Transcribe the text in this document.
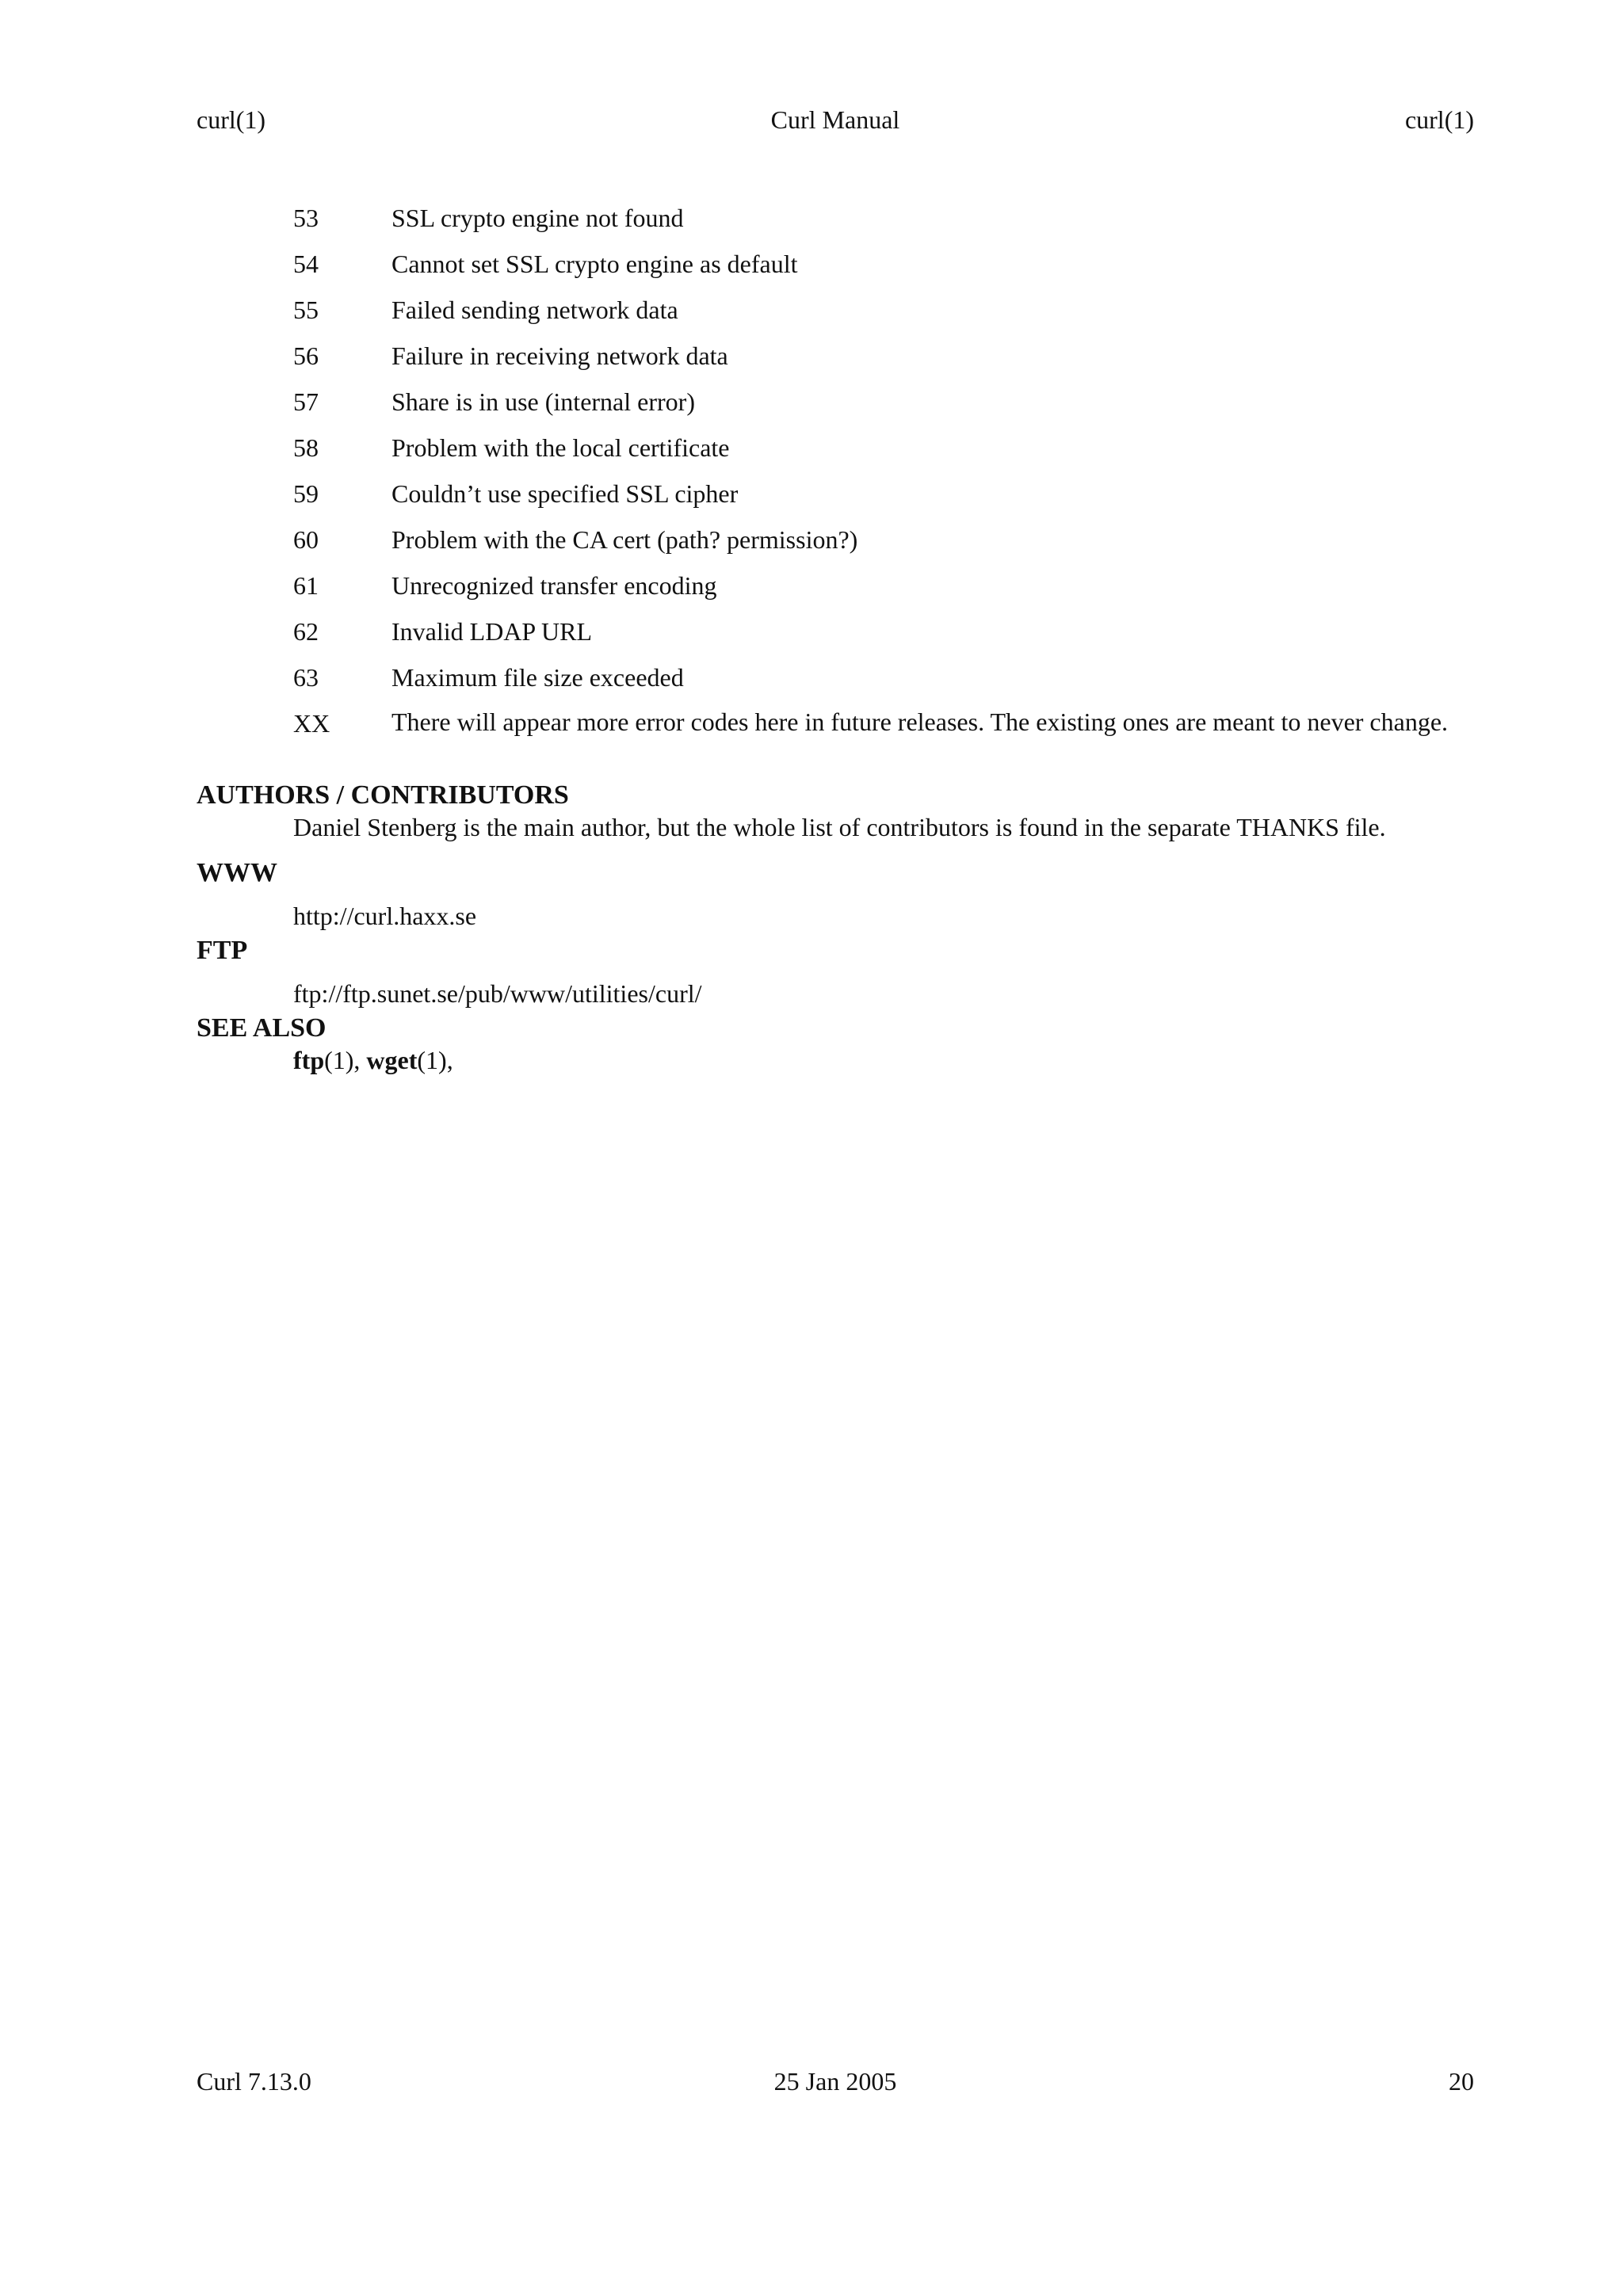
curl(1)	Curl Manual	curl(1)
53	SSL crypto engine not found
54	Cannot set SSL crypto engine as default
55	Failed sending network data
56	Failure in receiving network data
57	Share is in use (internal error)
58	Problem with the local certificate
59	Couldn’t use specified SSL cipher
60	Problem with the CA cert (path? permission?)
61	Unrecognized transfer encoding
62	Invalid LDAP URL
63	Maximum file size exceeded
XX There will appear more error codes here in future releases. The existing ones are meant to never change.
AUTHORS / CONTRIBUTORS
Daniel Stenberg is the main author, but the whole list of contributors is found in the separate THANKS file.
WWW
http://curl.haxx.se
FTP
ftp://ftp.sunet.se/pub/www/utilities/curl/
SEE ALSO
ftp(1), wget(1),
Curl 7.13.0	25 Jan 2005	20
